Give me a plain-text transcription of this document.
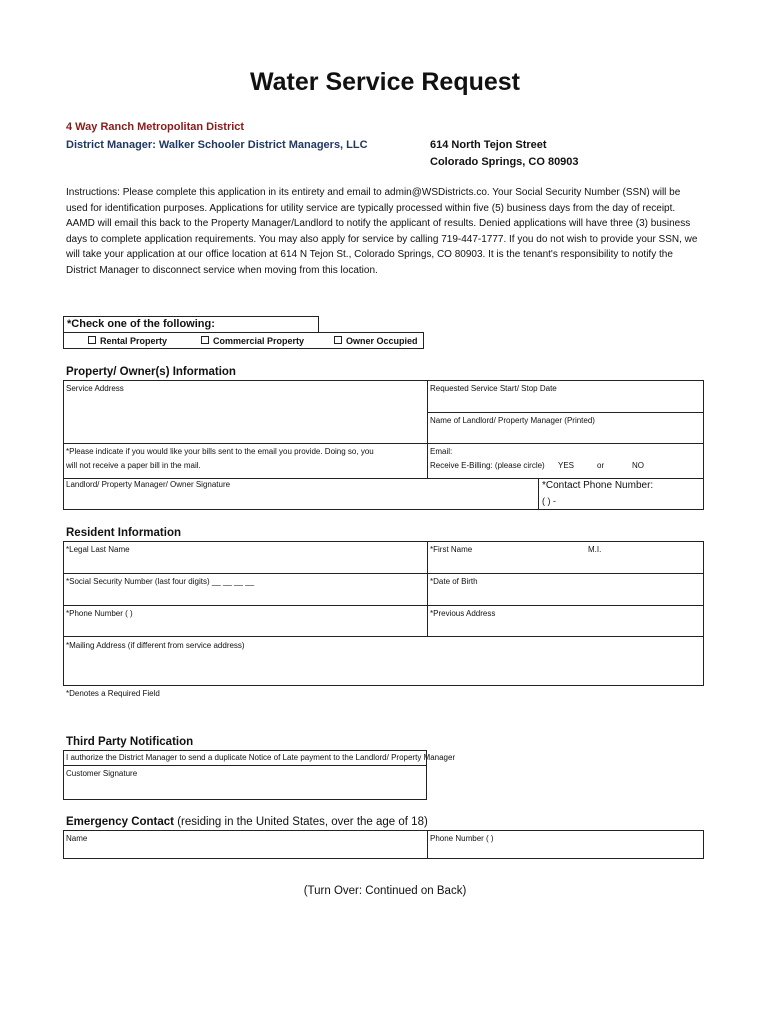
Water Service Request
4 Way Ranch Metropolitan District
District Manager: Walker Schooler District Managers, LLC	614 North Tejon Street
Colorado Springs, CO 80903
Instructions: Please complete this application in its entirety and email to admin@WSDistricts.co. Your Social Security Number (SSN) will be used for identification purposes. Applications for utility service are typically processed within five (5) business days from the day of receipt. AAMD will email this back to the Property Manager/Landlord to notify the applicant of results. Denied applications will have three (3) business days to complete application requirements. You may also apply for service by calling 719-447-1777. If you do not wish to provide your SSN, we will take your application at our office location at 614 N Tejon St., Colorado Springs, CO 80903. It is the tenant's responsibility to notify the District Manager to disconnect service when moving from this location.
*Check one of the following:
Rental Property	Commercial Property	Owner Occupied
Property/ Owner(s) Information
Service Address	Requested Service Start/ Stop Date
Name of Landlord/ Property Manager (Printed)
*Please indicate if you would like your bills sent to the email you provide. Doing so, you
will not receive a paper bill in the mail.
Email:
Receive E-Billing: (please circle) YES	or	NO
Landlord/ Property Manager/ Owner Signature	*Contact Phone Number:
( ) -
Resident Information
*Legal Last Name	*First Name	M.I.
*Social Security Number (last four digits) __ __ __ __	*Date of Birth
*Phone Number ( )	*Previous Address
*Mailing Address (if different from service address)
*Denotes a Required Field
Third Party Notification
I authorize the District Manager to send a duplicate Notice of Late payment to the Landlord/ Property Manager
Customer Signature
Emergency Contact (residing in the United States, over the age of 18)
Name	Phone Number ( )
(Turn Over: Continued on Back)
